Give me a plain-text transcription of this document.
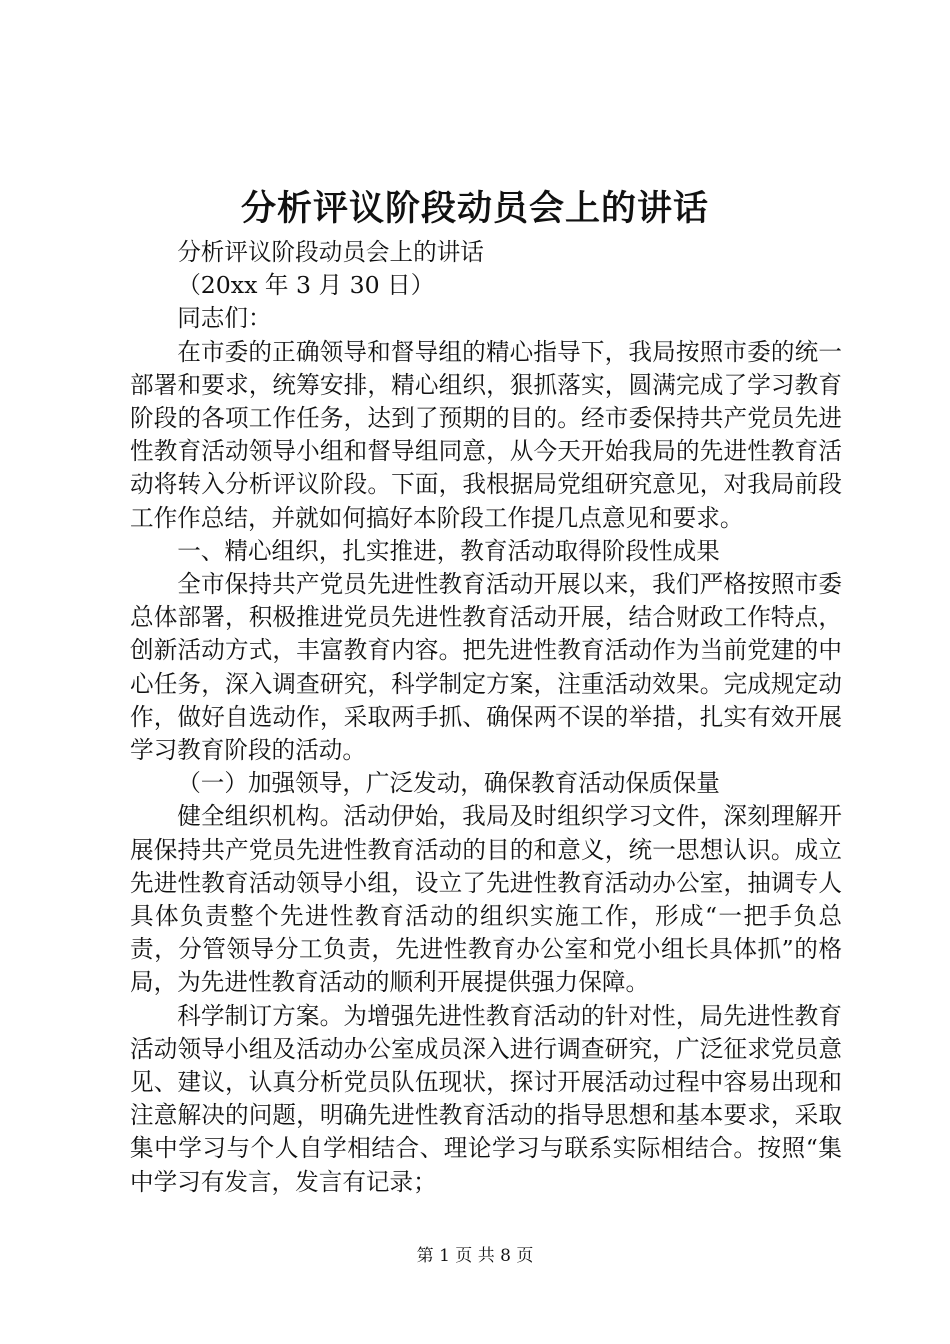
分析评议阶段动员会上的讲话

分析评议阶段动员会上的讲话

（20xx 年 3 月 30 日）

同志们：

在市委的正确领导和督导组的精心指导下，我局按照市委的统一部署和要求，统筹安排，精心组织，狠抓落实，圆满完成了学习教育阶段的各项工作任务，达到了预期的目的。经市委保持共产党员先进性教育活动领导小组和督导组同意，从今天开始我局的先进性教育活动将转入分析评议阶段。下面，我根据局党组研究意见，对我局前段工作作总结，并就如何搞好本阶段工作提几点意见和要求。

一、精心组织，扎实推进，教育活动取得阶段性成果

全市保持共产党员先进性教育活动开展以来，我们严格按照市委总体部署，积极推进党员先进性教育活动开展，结合财政工作特点，创新活动方式，丰富教育内容。把先进性教育活动作为当前党建的中心任务，深入调查研究，科学制定方案，注重活动效果。完成规定动作，做好自选动作，采取两手抓、确保两不误的举措，扎实有效开展学习教育阶段的活动。

（一）加强领导，广泛发动，确保教育活动保质保量

健全组织机构。活动伊始，我局及时组织学习文件，深刻理解开展保持共产党员先进性教育活动的目的和意义，统一思想认识。成立先进性教育活动领导小组，设立了先进性教育活动办公室，抽调专人具体负责整个先进性教育活动的组织实施工作，形成“一把手负总责，分管领导分工负责，先进性教育办公室和党小组长具体抓”的格局，为先进性教育活动的顺利开展提供强力保障。

科学制订方案。为增强先进性教育活动的针对性，局先进性教育活动领导小组及活动办公室成员深入进行调查研究，广泛征求党员意见、建议，认真分析党员队伍现状，探讨开展活动过程中容易出现和注意解决的问题，明确先进性教育活动的指导思想和基本要求，采取集中学习与个人自学相结合、理论学习与联系实际相结合。按照“集中学习有发言，发言有记录；

第 1 页 共 8 页
